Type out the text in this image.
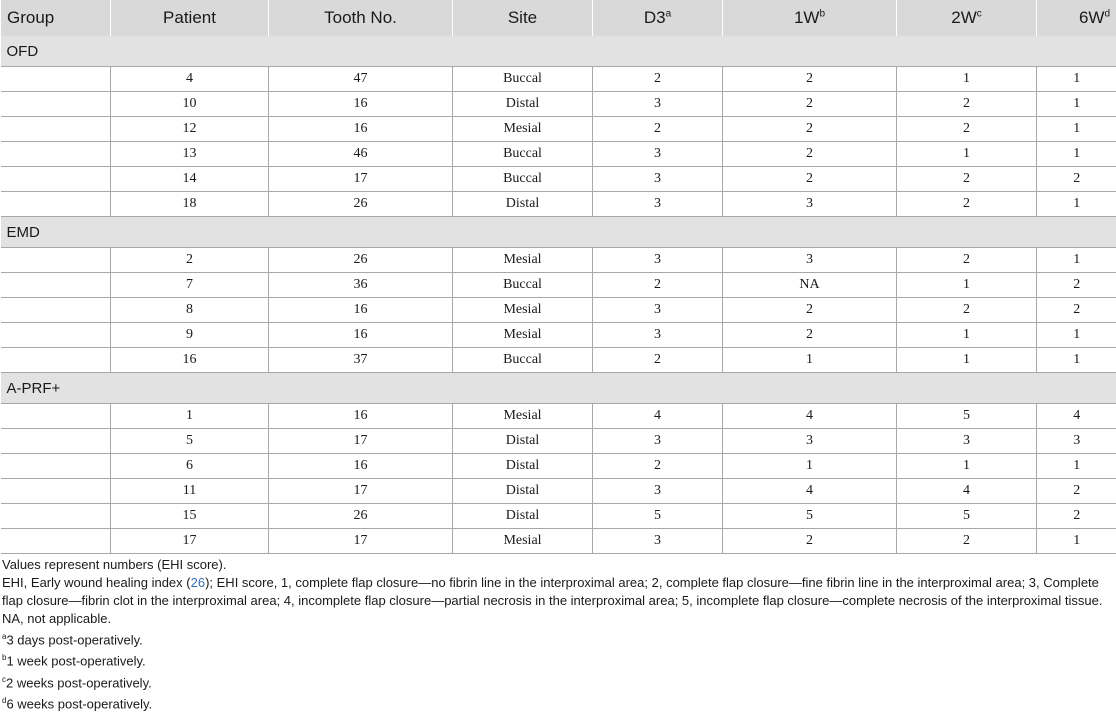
Group	Patient	Tooth No.	Site	D3$^a$	$1W^b$	$2W^c$	$6W^d$
OFD							
	4	47	Buccal	2	2	1	1
	10	16	Distal	3	2	2	1
	12	16	Mesial	2	2	2	1
	13	46	Buccal	3	2	1	1
	14	17	Buccal	3	2	2	2
	18	26	Distal	3	3	2	1
EMD							
	2	26	Mesial	3	3	2	1
	7	36	Buccal	2	NA	1	2
	8	16	Mesial	3	2	2	2
	9	16	Mesial	3	2	1	1
	16	37	Buccal	2	1	1	1
A-PRF+							
	1	16	Mesial	4	4	5	4
	5	17	Distal	3	3	3	3
	6	16	Distal	2	1	1	1
	11	17	Distal	3	4	4	2
	15	26	Distal	5	5	5	2
	17	17	Mesial	3	2	2	1

Values represent numbers (EHI score).

EHI, Early wound healing index (26); EHI score, 1, complete flap closure—no fibrin line in the interproximal area; 2, complete flap closure—fine fibrin line in the interproximal area; 3, Complete flap closure—fibrin clot in the interproximal area; 4, incomplete flap closure—partial necrosis in the interproximal area; 5, incomplete flap closure—complete necrosis of the interproximal tissue. NA, not applicable.

$^a$3 days post-operatively.

$^b$1 week post-operatively.

$^c$2 weeks post-operatively.

$^d$6 weeks post-operatively.
